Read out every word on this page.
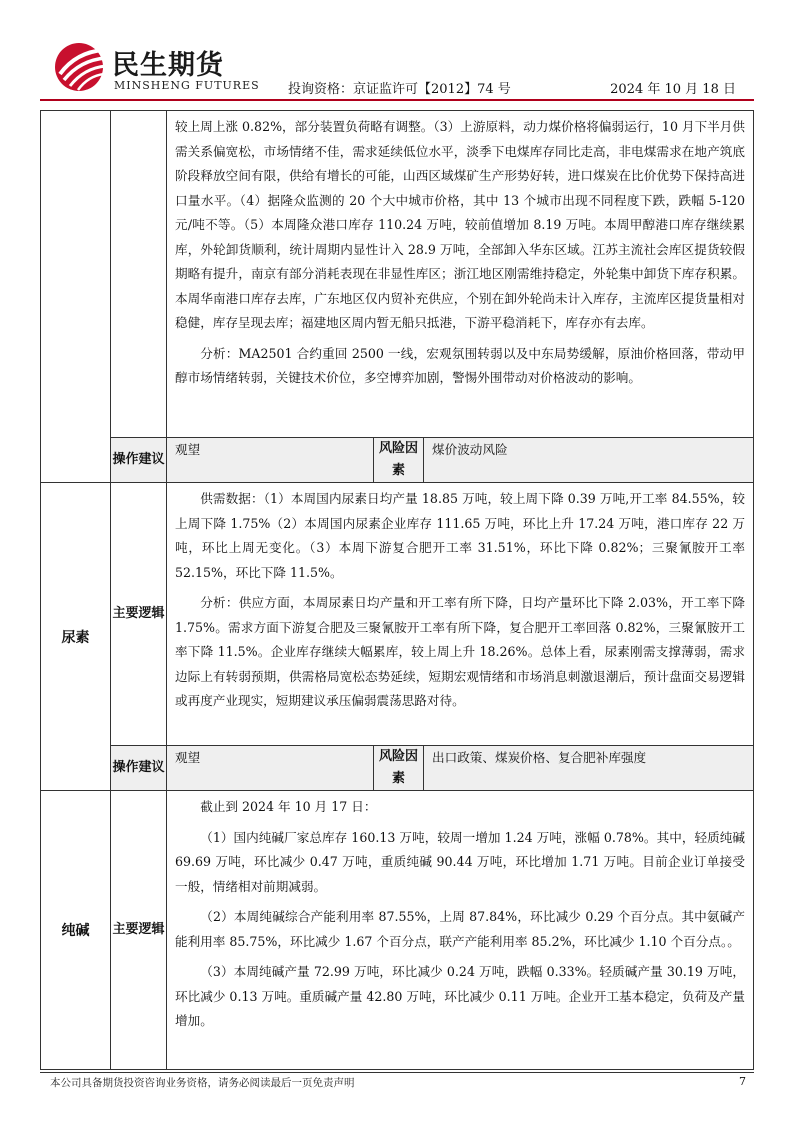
民生期货
MINSHENG FUTURES 投询资格：京证监许可【2012】74 号	2024 年 10 月 18 日

		较上周上涨 0.82%，部分装置负荷略有调整。（3）上游原料，动力煤价格将偏弱运行，10 月下半月供需关系偏宽松，市场情绪不佳，需求延续低位水平，淡季下电煤库存同比走高，非电煤需求在地产筑底阶段释放空间有限，供给有增长的可能，山西区域煤矿生产形势好转，进口煤炭在比价优势下保持高进口量水平。（4）据隆众监测的 20 个大中城市价格，其中 13 个城市出现不同程度下跌，跌幅 5-120 元/吨不等。（5）本周隆众港口库存 110.24 万吨，较前值增加 8.19 万吨。本周甲醇港口库存继续累库，外轮卸货顺利，统计周期内显性计入 28.9 万吨，全部卸入华东区域。江苏主流社会库区提货较假期略有提升，南京有部分消耗表现在非显性库区；浙江地区刚需维持稳定，外轮集中卸货下库存积累。本周华南港口库存去库，广东地区仅内贸补充供应，个别在卸外轮尚未计入库存，主流库区提货量相对稳健，库存呈现去库；福建地区周内暂无船只抵港，下游平稳消耗下，库存亦有去库。

分析：MA2501 合约重回 2500 一线，宏观氛围转弱以及中东局势缓解，原油价格回落，带动甲醇市场情绪转弱，关键技术价位，多空博弈加剧，警惕外围带动对价格波动的影响。		

	操作建议	观望	风险因素	煤价波动风险
尿素	主要逻辑	供需数据：（1）本周国内尿素日均产量 18.85 万吨，较上周下降 0.39 万吨,开工率 84.55%，较上周下降 1.75%（2）本周国内尿素企业库存 111.65 万吨，环比上升 17.24 万吨，港口库存 22 万吨，环比上周无变化。（3）本周下游复合肥开工率 31.51%，环比下降 0.82%；三聚氰胺开工率 52.15%，环比下降 11.5%。

分析：供应方面，本周尿素日均产量和开工率有所下降，日均产量环比下降 2.03%，开工率下降 1.75%。需求方面下游复合肥及三聚氰胺开工率有所下降，复合肥开工率回落 0.82%，三聚氰胺开工率下降 11.5%。企业库存继续大幅累库，较上周上升 18.26%。总体上看，尿素刚需支撑薄弱，需求边际上有转弱预期，供需格局宽松态势延续，短期宏观情绪和市场消息刺激退潮后，预计盘面交易逻辑或再度产业现实，短期建议承压偏弱震荡思路对待。		

	操作建议	观望	风险因素	出口政策、煤炭价格、复合肥补库强度
纯碱	主要逻辑	截止到 2024 年 10 月 17 日：

（1）国内纯碱厂家总库存 160.13 万吨，较周一增加 1.24 万吨，涨幅 0.78%。其中，轻质纯碱 69.69 万吨，环比减少 0.47 万吨，重质纯碱 90.44 万吨，环比增加 1.71 万吨。目前企业订单接受一般，情绪相对前期减弱。

（2）本周纯碱综合产能利用率 87.55%，上周 87.84%，环比减少 0.29 个百分点。其中氨碱产能利用率 85.75%，环比减少 1.67 个百分点，联产产能利用率 85.2%，环比减少 1.10 个百分点。。

（3）本周纯碱产量 72.99 万吨，环比减少 0.24 万吨，跌幅 0.33%。轻质碱产量 30.19 万吨，环比减少 0.13 万吨。重质碱产量 42.80 万吨，环比减少 0.11 万吨。企业开工基本稳定，负荷及产量增加。		

本公司具备期货投资咨询业务资格，请务必阅读最后一页免责声明	7
